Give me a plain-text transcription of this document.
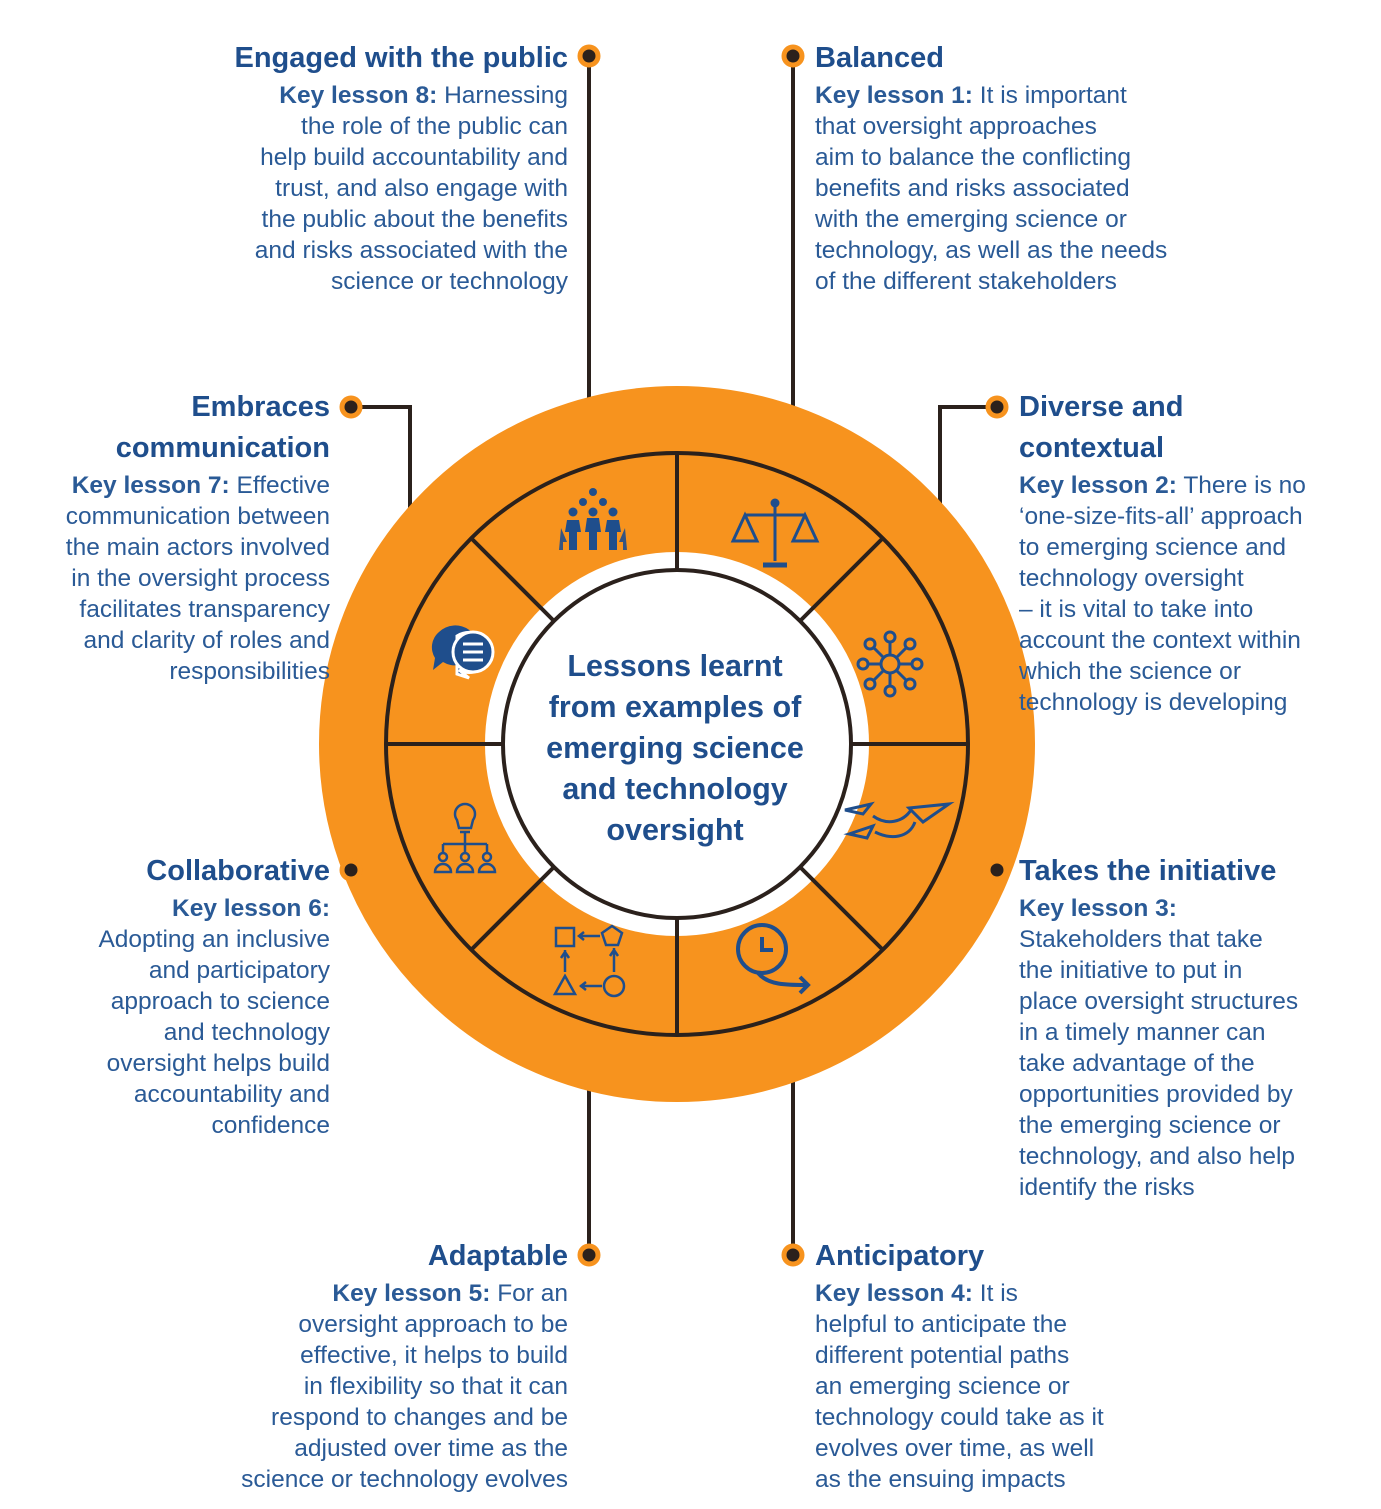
Lessons learnt
from examples of
emerging science
and technology
oversight
Balanced
Key lesson 1: It is important
that oversight approaches
aim to balance the conflicting
benefits and risks associated
with the emerging science or
technology, as well as the needs
of the different stakeholders
Diverse and
contextual
Key lesson 2: There is no
‘one-size-fits-all’ approach
to emerging science and
technology oversight
– it is vital to take into
account the context within
which the science or
technology is developing
Takes the initiative
Key lesson 3:
Stakeholders that take
the initiative to put in
place oversight structures
in a timely manner can
take advantage of the
opportunities provided by
the emerging science or
technology, and also help
identify the risks
Anticipatory
Key lesson 4: It is
helpful to anticipate the
different potential paths
an emerging science or
technology could take as it
evolves over time, as well
as the ensuing impacts
Adaptable
Key lesson 5: For an
oversight approach to be
effective, it helps to build
in flexibility so that it can
respond to changes and be
adjusted over time as the
science or technology evolves
Collaborative
Key lesson 6:
Adopting an inclusive
and participatory
approach to science
and technology
oversight helps build
accountability and
confidence
Embraces
communication
Key lesson 7: Effective
communication between
the main actors involved
in the oversight process
facilitates transparency
and clarity of roles and
responsibilities
Engaged with the public
Key lesson 8: Harnessing
the role of the public can
help build accountability and
trust, and also engage with
the public about the benefits
and risks associated with the
science or technology
